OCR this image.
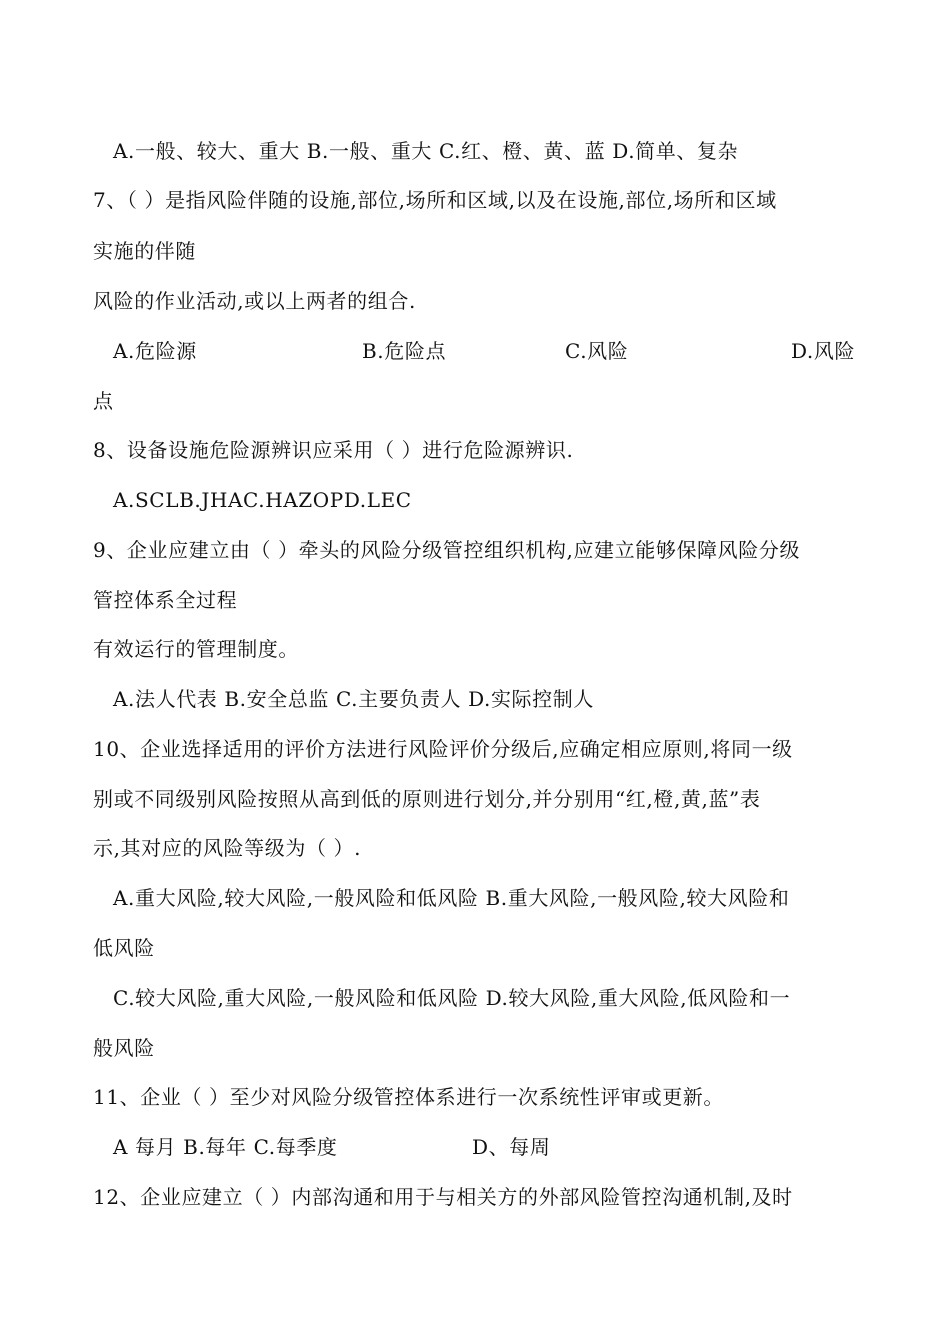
A.一般、较大、重大 B.一般、重大 C.红、橙、黄、蓝 D.简单、复杂
7、（ ）是指风险伴随的设施,部位,场所和区域,以及在设施,部位,场所和区域
实施的伴随
风险的作业活动,或以上两者的组合.
A.危险源	B.危险点	C.风险	D.风险
点
8、设备设施危险源辨识应采用（ ）进行危险源辨识.
A.SCLB.JHAC.HAZOPD.LEC
9、企业应建立由（ ）牵头的风险分级管控组织机构,应建立能够保障风险分级
管控体系全过程
有效运行的管理制度。
A.法人代表 B.安全总监 C.主要负责人 D.实际控制人
10、企业选择适用的评价方法进行风险评价分级后,应确定相应原则,将同一级
别或不同级别风险按照从高到低的原则进行划分,并分别用“红,橙,黄,蓝”表
示,其对应的风险等级为（ ）.
A.重大风险,较大风险,一般风险和低风险 B.重大风险,一般风险,较大风险和
低风险
C.较大风险,重大风险,一般风险和低风险 D.较大风险,重大风险,低风险和一
般风险
11、企业（ ）至少对风险分级管控体系进行一次系统性评审或更新。
A 每月 B.每年 C.每季度	D、每周
12、企业应建立（ ）内部沟通和用于与相关方的外部风险管控沟通机制,及时
